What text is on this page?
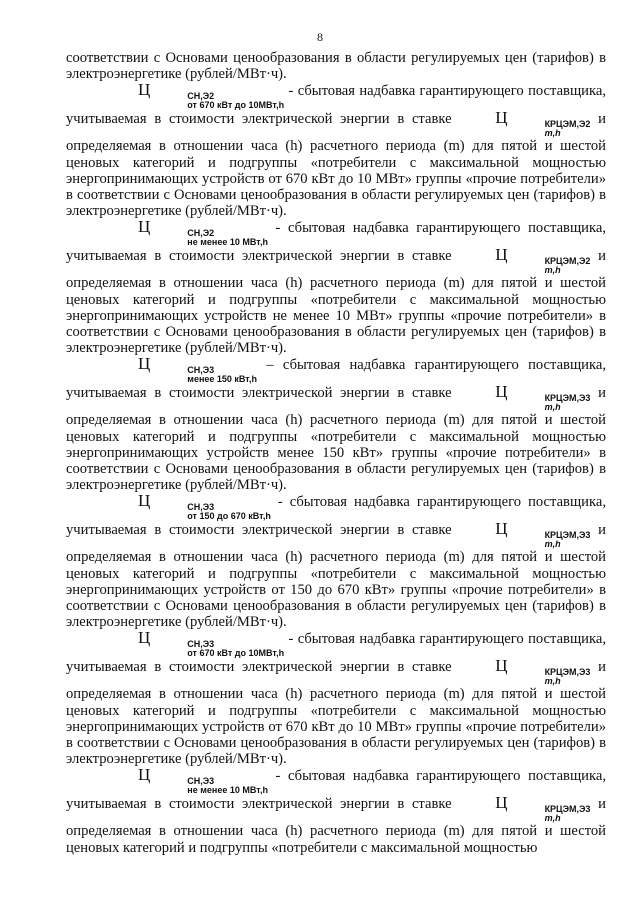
8

соответствии с Основами ценообразования в области регулируемых цен (тарифов) в электроэнергетике (рублей/МВт·ч).

Ц	СН,Э2
от 670 кВт до 10МВт,h
- сбытовая надбавка гарантирующего поставщика, учитываемая в стоимости электрической энергии в ставке Ц	КРЦЭМ,Э2
m,h
и определяемая в отношении часа (h) расчетного периода (m) для пятой и шестой ценовых категорий и подгруппы «потребители с максимальной мощностью энергопринимающих устройств от 670 кВт до 10 МВт» группы «прочие потребители» в соответствии с Основами ценообразования в области регулируемых цен (тарифов) в электроэнергетике (рублей/МВт·ч).

Ц	СН,Э2
не менее 10 МВт,h
- сбытовая надбавка гарантирующего поставщика, учитываемая в стоимости электрической энергии в ставке Ц	КРЦЭМ,Э2
m,h
и определяемая в отношении часа (h) расчетного периода (m) для пятой и шестой ценовых категорий и подгруппы «потребители с максимальной мощностью энергопринимающих устройств не менее 10 МВт» группы «прочие потребители» в соответствии с Основами ценообразования в области регулируемых цен (тарифов) в электроэнергетике (рублей/МВт·ч).

Ц	СН,Э3
менее 150 кВт,h
– сбытовая надбавка гарантирующего поставщика, учитываемая в стоимости электрической энергии в ставке Ц	КРЦЭМ,Э3
m,h
и определяемая в отношении часа (h) расчетного периода (m) для пятой и шестой ценовых категорий и подгруппы «потребители с максимальной мощностью энергопринимающих устройств менее 150 кВт» группы «прочие потребители» в соответствии с Основами ценообразования в области регулируемых цен (тарифов) в электроэнергетике (рублей/МВт·ч).

Ц	СН,Э3
от 150 до 670 кВт,h
- сбытовая надбавка гарантирующего поставщика, учитываемая в стоимости электрической энергии в ставке Ц	КРЦЭМ,Э3
m,h
и определяемая в отношении часа (h) расчетного периода (m) для пятой и шестой ценовых категорий и подгруппы «потребители с максимальной мощностью энергопринимающих устройств от 150 до 670 кВт» группы «прочие потребители» в соответствии с Основами ценообразования в области регулируемых цен (тарифов) в электроэнергетике (рублей/МВт·ч).

Ц	СН,Э3
от 670 кВт до 10МВт,h
- сбытовая надбавка гарантирующего поставщика, учитываемая в стоимости электрической энергии в ставке Ц	КРЦЭМ,Э3
m,h
и определяемая в отношении часа (h) расчетного периода (m) для пятой и шестой ценовых категорий и подгруппы «потребители с максимальной мощностью энергопринимающих устройств от 670 кВт до 10 МВт» группы «прочие потребители» в соответствии с Основами ценообразования в области регулируемых цен (тарифов) в электроэнергетике (рублей/МВт·ч).

Ц	СН,Э3
не менее 10 МВт,h
- сбытовая надбавка гарантирующего поставщика, учитываемая в стоимости электрической энергии в ставке Ц	КРЦЭМ,Э3
m,h
и определяемая в отношении часа (h) расчетного периода (m) для пятой и шестой ценовых категорий и подгруппы «потребители с максимальной мощностью
